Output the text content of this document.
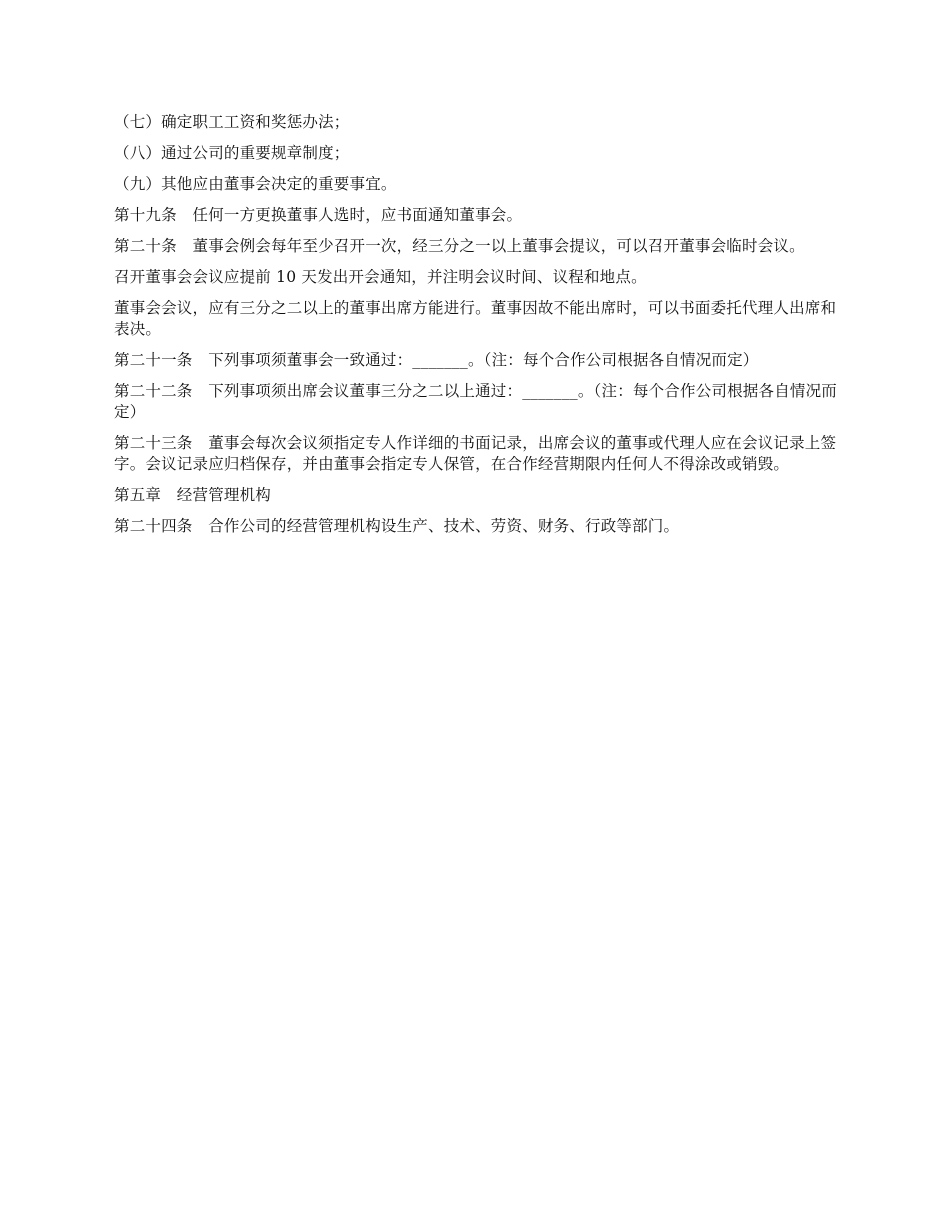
（七）确定职工工资和奖惩办法；

（八）通过公司的重要规章制度；

（九）其他应由董事会决定的重要事宜。

第十九条　任何一方更换董事人选时，应书面通知董事会。

第二十条　董事会例会每年至少召开一次，经三分之一以上董事会提议，可以召开董事会临时会议。

召开董事会会议应提前 10 天发出开会通知，并注明会议时间、议程和地点。

董事会会议，应有三分之二以上的董事出席方能进行。董事因故不能出席时，可以书面委托代理人出席和表决。

第二十一条　下列事项须董事会一致通过：_______。（注：每个合作公司根据各自情况而定）

第二十二条　下列事项须出席会议董事三分之二以上通过：_______。（注：每个合作公司根据各自情况而定）

第二十三条　董事会每次会议须指定专人作详细的书面记录，出席会议的董事或代理人应在会议记录上签字。会议记录应归档保存，并由董事会指定专人保管，在合作经营期限内任何人不得涂改或销毁。

第五章　经营管理机构

第二十四条　合作公司的经营管理机构设生产、技术、劳资、财务、行政等部门。
